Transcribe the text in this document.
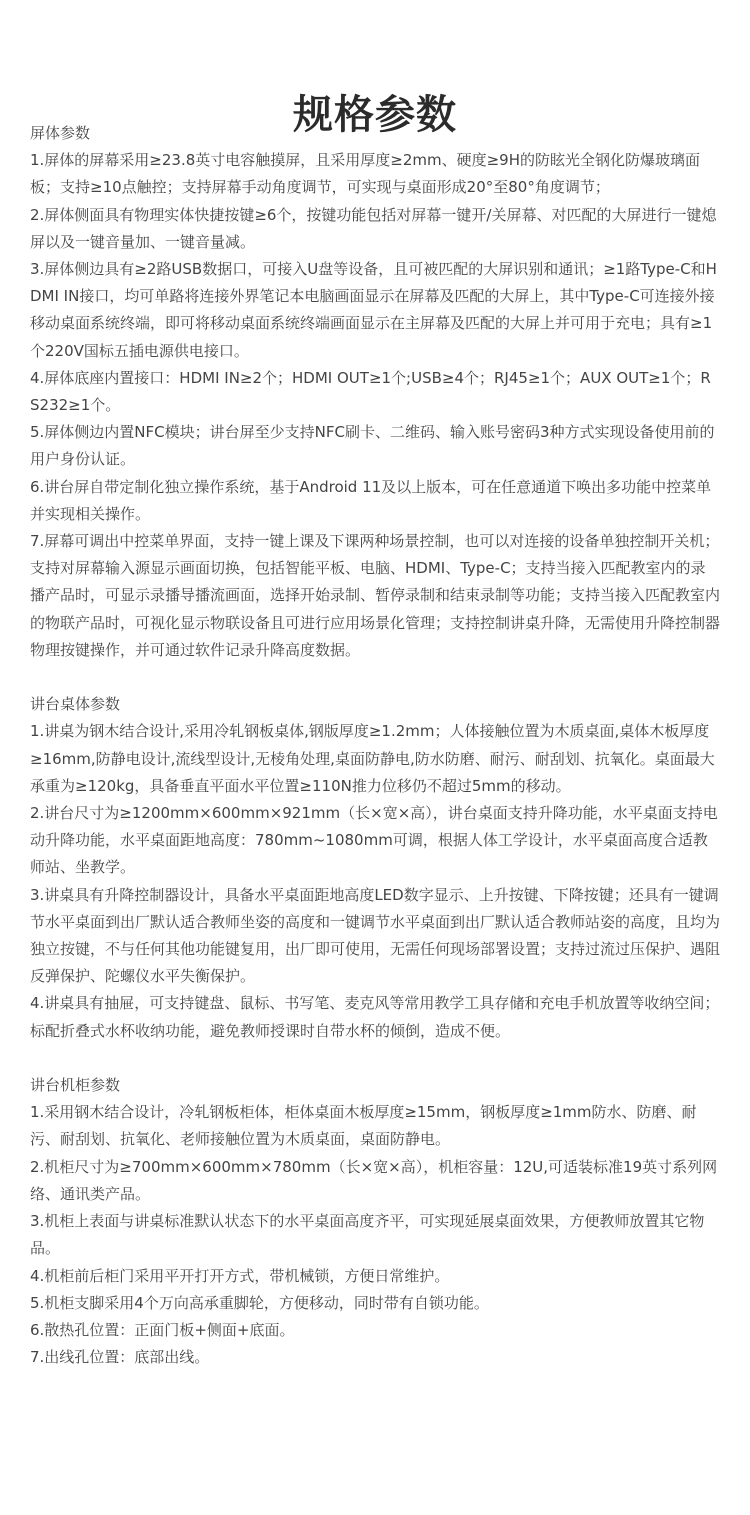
规格参数

屏体参数

1.屏体的屏幕采用≥23.8英寸电容触摸屏，且采用厚度≥2mm、硬度≥9H的防眩光全钢化防爆玻璃面板；支持≥10点触控；支持屏幕手动角度调节，可实现与桌面形成20°至80°角度调节；

2.屏体侧面具有物理实体快捷按键≥6个，按键功能包括对屏幕一键开/关屏幕、对匹配的大屏进行一键熄屏以及一键音量加、一键音量减。

3.屏体侧边具有≥2路USB数据口，可接入U盘等设备，且可被匹配的大屏识别和通讯；≥1路Type-C和HDMI IN接口，均可单路将连接外界笔记本电脑画面显示在屏幕及匹配的大屏上，其中Type-C可连接外接移动桌面系统终端，即可将移动桌面系统终端画面显示在主屏幕及匹配的大屏上并可用于充电；具有≥1个220V国标五插电源供电接口。

4.屏体底座内置接口：HDMI IN≥2个；HDMI OUT≥1个;USB≥4个；RJ45≥1个；AUX OUT≥1个；RS232≥1个。

5.屏体侧边内置NFC模块；讲台屏至少支持NFC刷卡、二维码、输入账号密码3种方式实现设备使用前的用户身份认证。

6.讲台屏自带定制化独立操作系统，基于Android 11及以上版本，可在任意通道下唤出多功能中控菜单并实现相关操作。

7.屏幕可调出中控菜单界面，支持一键上课及下课两种场景控制，也可以对连接的设备单独控制开关机；支持对屏幕输入源显示画面切换，包括智能平板、电脑、HDMI、Type-C；支持当接入匹配教室内的录播产品时，可显示录播导播流画面，选择开始录制、暂停录制和结束录制等功能；支持当接入匹配教室内的物联产品时，可视化显示物联设备且可进行应用场景化管理；支持控制讲桌升降，无需使用升降控制器物理按键操作，并可通过软件记录升降高度数据。

讲台桌体参数

1.讲桌为钢木结合设计,采用冷轧钢板桌体,钢版厚度≥1.2mm；人体接触位置为木质桌面,桌体木板厚度≥16mm,防静电设计,流线型设计,无棱角处理,桌面防静电,防水防磨、耐污、耐刮划、抗氧化。桌面最大承重为≥120kg，具备垂直平面水平位置≥110N推力位移仍不超过5mm的移动。

2.讲台尺寸为≥1200mm×600mm×921mm（长×宽×高），讲台桌面支持升降功能，水平桌面支持电动升降功能，水平桌面距地高度：780mm~1080mm可调，根据人体工学设计，水平桌面高度合适教师站、坐教学。

3.讲桌具有升降控制器设计，具备水平桌面距地高度LED数字显示、上升按键、下降按键；还具有一键调节水平桌面到出厂默认适合教师坐姿的高度和一键调节水平桌面到出厂默认适合教师站姿的高度，且均为独立按键，不与任何其他功能键复用，出厂即可使用，无需任何现场部署设置；支持过流过压保护、遇阻反弹保护、陀螺仪水平失衡保护。

4.讲桌具有抽屉，可支持键盘、鼠标、书写笔、麦克风等常用教学工具存储和充电手机放置等收纳空间；标配折叠式水杯收纳功能，避免教师授课时自带水杯的倾倒，造成不便。

讲台机柜参数

1.采用钢木结合设计，冷轧钢板柜体，柜体桌面木板厚度≥15mm，钢板厚度≥1mm防水、防磨、耐污、耐刮划、抗氧化、老师接触位置为木质桌面，桌面防静电。

2.机柜尺寸为≥700mm×600mm×780mm（长×宽×高），机柜容量：12U,可适装标准19英寸系列网络、通讯类产品。

3.机柜上表面与讲桌标准默认状态下的水平桌面高度齐平，可实现延展桌面效果，方便教师放置其它物品。

4.机柜前后柜门采用平开打开方式，带机械锁，方便日常维护。

5.机柜支脚采用4个万向高承重脚轮，方便移动，同时带有自锁功能。

6.散热孔位置：正面门板+侧面+底面。

7.出线孔位置：底部出线。
